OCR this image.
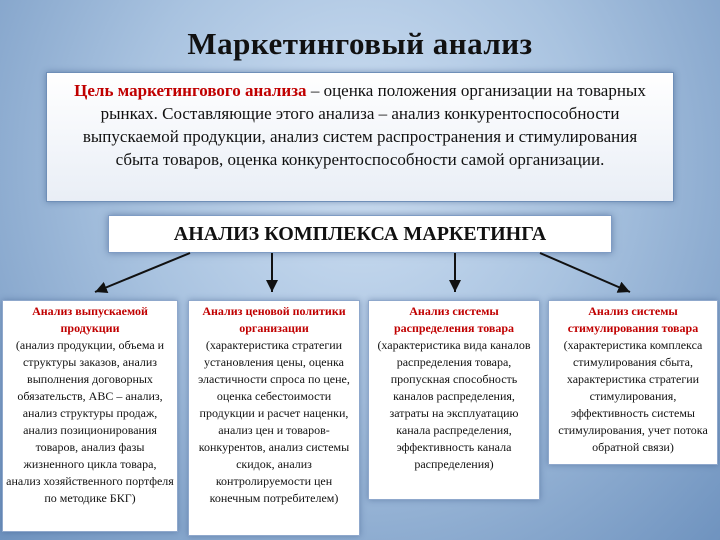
Маркетинговый анализ
Цель маркетингового анализа – оценка положения организации на товарных рынках. Составляющие этого анализа – анализ конкурентоспособности выпускаемой продукции, анализ систем распространения и стимулирования сбыта товаров, оценка конкурентоспособности самой организации.
АНАЛИЗ КОМПЛЕКСА МАРКЕТИНГА
Анализ выпускаемой продукции
(анализ продукции, объема и структуры заказов, анализ выполнения договорных обязательств, АВС – анализ, анализ структуры продаж, анализ позиционирования товаров, анализ фазы жизненного цикла товара, анализ хозяйственного портфеля по методике БКГ)
Анализ ценовой политики организации
(характеристика стратегии установления цены, оценка эластичности спроса по цене, оценка себестоимости продукции и расчет наценки, анализ цен и товаров-конкурентов, анализ системы скидок, анализ контролируемости цен конечным потребителем)
Анализ системы распределения товара
(характеристика вида каналов распределения товара, пропускная способность каналов распределения, затраты на эксплуатацию канала распределения, эффективность канала распределения)
Анализ системы стимулирования товара
(характеристика комплекса стимулирования сбыта, характеристика стратегии стимулирования, эффективность системы стимулирования, учет потока обратной связи)
